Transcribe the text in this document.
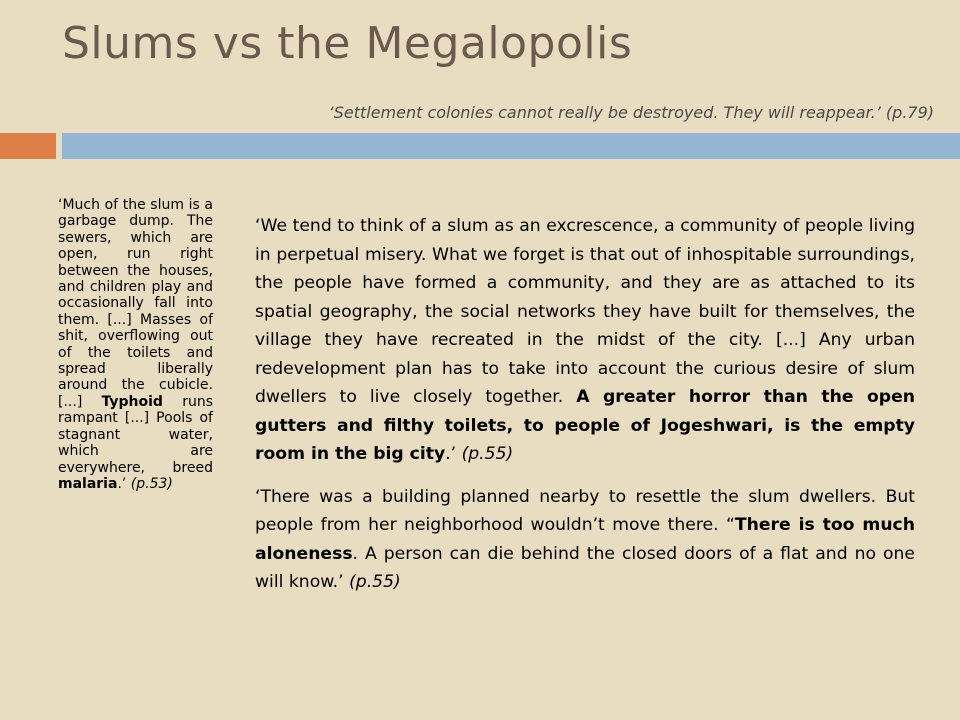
Slums vs the Megalopolis
‘Settlement colonies cannot really be destroyed. They will reappear.’ (p.79)

‘Much of the slum is a garbage dump. The sewers, which are open, run right between the houses, and children play and occasionally fall into them. [...] Masses of shit, overflowing out of the toilets and spread liberally around the cubicle. [...] Typhoid runs rampant [...] Pools of stagnant water, which are everywhere, breed malaria.’ (p.53)

‘We tend to think of a slum as an excrescence, a community of people living in perpetual misery. What we forget is that out of inhospitable surroundings, the people have formed a community, and they are as attached to its spatial geography, the social networks they have built for themselves, the village they have recreated in the midst of the city. [...] Any urban redevelopment plan has to take into account the curious desire of slum dwellers to live closely together. A greater horror than the open gutters and filthy toilets, to people of Jogeshwari, is the empty room in the big city.’ (p.55)

‘There was a building planned nearby to resettle the slum dwellers. But people from her neighborhood wouldn’t move there. “There is too much aloneness. A person can die behind the closed doors of a flat and no one will know.’ (p.55)
